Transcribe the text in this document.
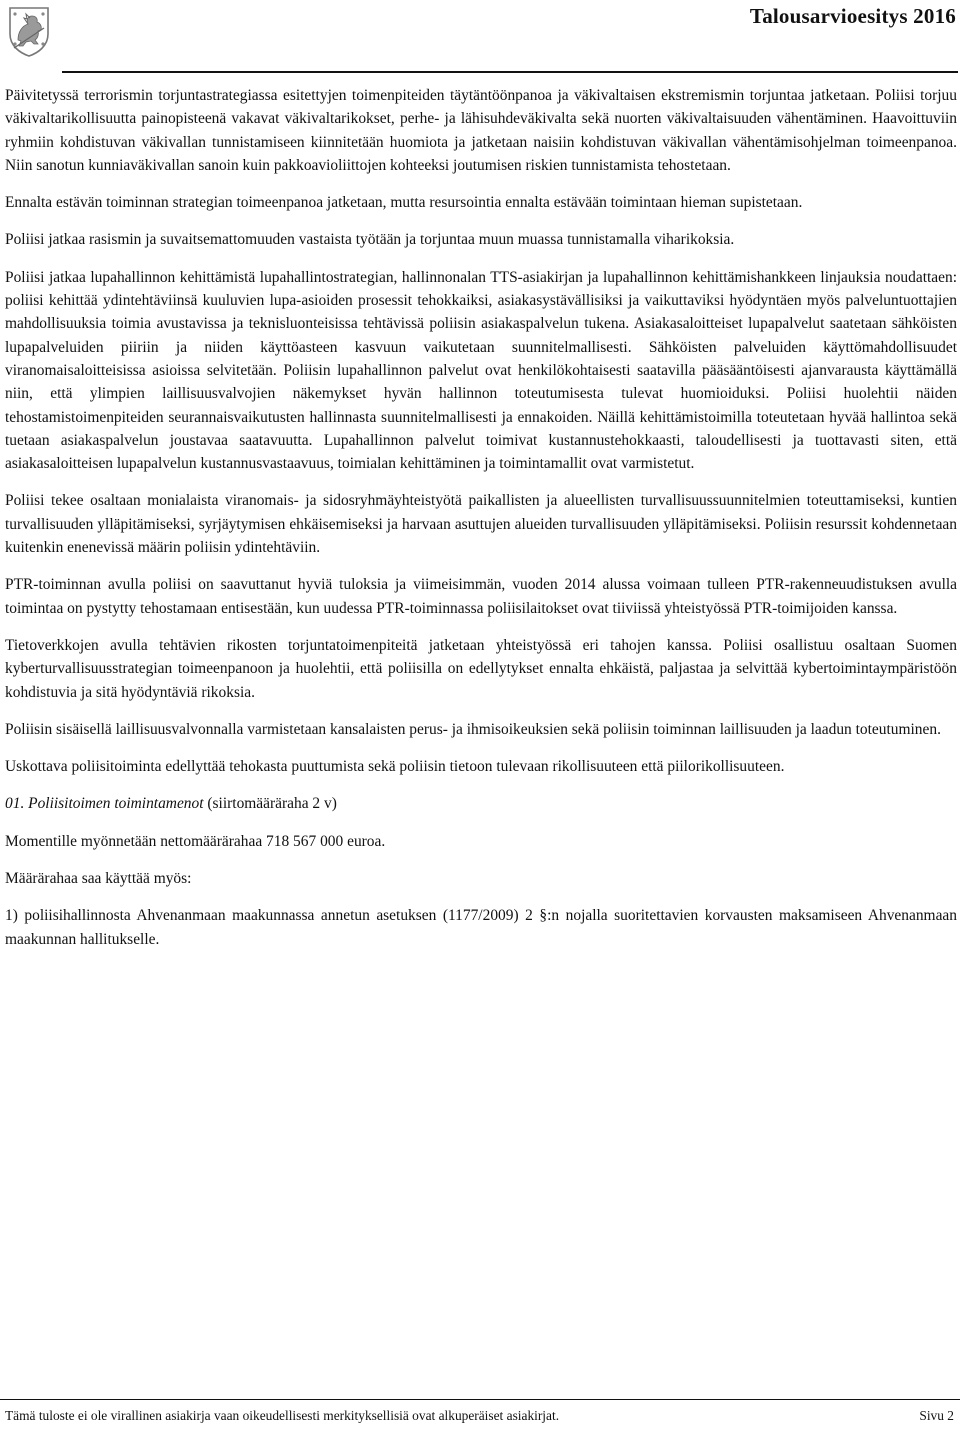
Talousarvioesitys 2016

Päivitetyssä terrorismin torjuntastrategiassa esitettyjen toimenpiteiden täytäntöönpanoa ja väkivaltaisen ekstremismin torjuntaa jatketaan. Poliisi torjuu väkivaltarikollisuutta painopisteenä vakavat väkivaltarikokset, perhe- ja lähisuhdeväkivalta sekä nuorten väkivaltaisuuden vähentäminen. Haavoittuviin ryhmiin kohdistuvan väkivallan tunnistamiseen kiinnitetään huomiota ja jatketaan naisiin kohdistuvan väkivallan vähentämisohjelman toimeenpanoa. Niin sanotun kunniaväkivallan sanoin kuin pakkoavioliittojen kohteeksi joutumisen riskien tunnistamista tehostetaan.

Ennalta estävän toiminnan strategian toimeenpanoa jatketaan, mutta resursointia ennalta estävään toimintaan hieman supistetaan.

Poliisi jatkaa rasismin ja suvaitsemattomuuden vastaista työtään ja torjuntaa muun muassa tunnistamalla viharikoksia.

Poliisi jatkaa lupahallinnon kehittämistä lupahallintostrategian, hallinnonalan TTS-asiakirjan ja lupahallinnon kehittämishankkeen linjauksia noudattaen: poliisi kehittää ydintehtäviinsä kuuluvien lupa-asioiden prosessit tehokkaiksi, asiakasystävällisiksi ja vaikuttaviksi hyödyntäen myös palveluntuottajien mahdollisuuksia toimia avustavissa ja teknisluonteisissa tehtävissä poliisin asiakaspalvelun tukena. Asiakasaloitteiset lupapalvelut saatetaan sähköisten lupapalveluiden piiriin ja niiden käyttöasteen kasvuun vaikutetaan suunnitelmallisesti. Sähköisten palveluiden käyttömahdollisuudet viranomaisaloitteisissa asioissa selvitetään. Poliisin lupahallinnon palvelut ovat henkilökohtaisesti saatavilla pääsääntöisesti ajanvarausta käyttämällä niin, että ylimpien laillisuusvalvojien näkemykset hyvän hallinnon toteutumisesta tulevat huomioiduksi. Poliisi huolehtii näiden tehostamistoimenpiteiden seurannaisvaikutusten hallinnasta suunnitelmallisesti ja ennakoiden. Näillä kehittämistoimilla toteutetaan hyvää hallintoa sekä tuetaan asiakaspalvelun joustavaa saatavuutta. Lupahallinnon palvelut toimivat kustannustehokkaasti, taloudellisesti ja tuottavasti siten, että asiakasaloitteisen lupapalvelun kustannusvastaavuus, toimialan kehittäminen ja toimintamallit ovat varmistetut.

Poliisi tekee osaltaan monialaista viranomais- ja sidosryhmäyhteistyötä paikallisten ja alueellisten turvallisuussuunnitelmien toteuttamiseksi, kuntien turvallisuuden ylläpitämiseksi, syrjäytymisen ehkäisemiseksi ja harvaan asuttujen alueiden turvallisuuden ylläpitämiseksi. Poliisin resurssit kohdennetaan kuitenkin enenevissä määrin poliisin ydintehtäviin.

PTR-toiminnan avulla poliisi on saavuttanut hyviä tuloksia ja viimeisimmän, vuoden 2014 alussa voimaan tulleen PTR-rakenneuudistuksen avulla toimintaa on pystytty tehostamaan entisestään, kun uudessa PTR-toiminnassa poliisilaitokset ovat tiiviissä yhteistyössä PTR-toimijoiden kanssa.

Tietoverkkojen avulla tehtävien rikosten torjuntatoimenpiteitä jatketaan yhteistyössä eri tahojen kanssa. Poliisi osallistuu osaltaan Suomen kyberturvallisuusstrategian toimeenpanoon ja huolehtii, että poliisilla on edellytykset ennalta ehkäistä, paljastaa ja selvittää kybertoimintaympäristöön kohdistuvia ja sitä hyödyntäviä rikoksia.

Poliisin sisäisellä laillisuusvalvonnalla varmistetaan kansalaisten perus- ja ihmisoikeuksien sekä poliisin toiminnan laillisuuden ja laadun toteutuminen.

Uskottava poliisitoiminta edellyttää tehokasta puuttumista sekä poliisin tietoon tulevaan rikollisuuteen että piilorikollisuuteen.

01. Poliisitoimen toimintamenot (siirtomääräraha 2 v)

Momentille myönnetään nettomäärärahaa 718 567 000 euroa.

Määrärahaa saa käyttää myös:

1) poliisihallinnosta Ahvenanmaan maakunnassa annetun asetuksen (1177/2009) 2 §:n nojalla suoritettavien korvausten maksamiseen Ahvenanmaan maakunnan hallitukselle.

Tämä tuloste ei ole virallinen asiakirja vaan oikeudellisesti merkityksellisiä ovat alkuperäiset asiakirjat.	Sivu 2
